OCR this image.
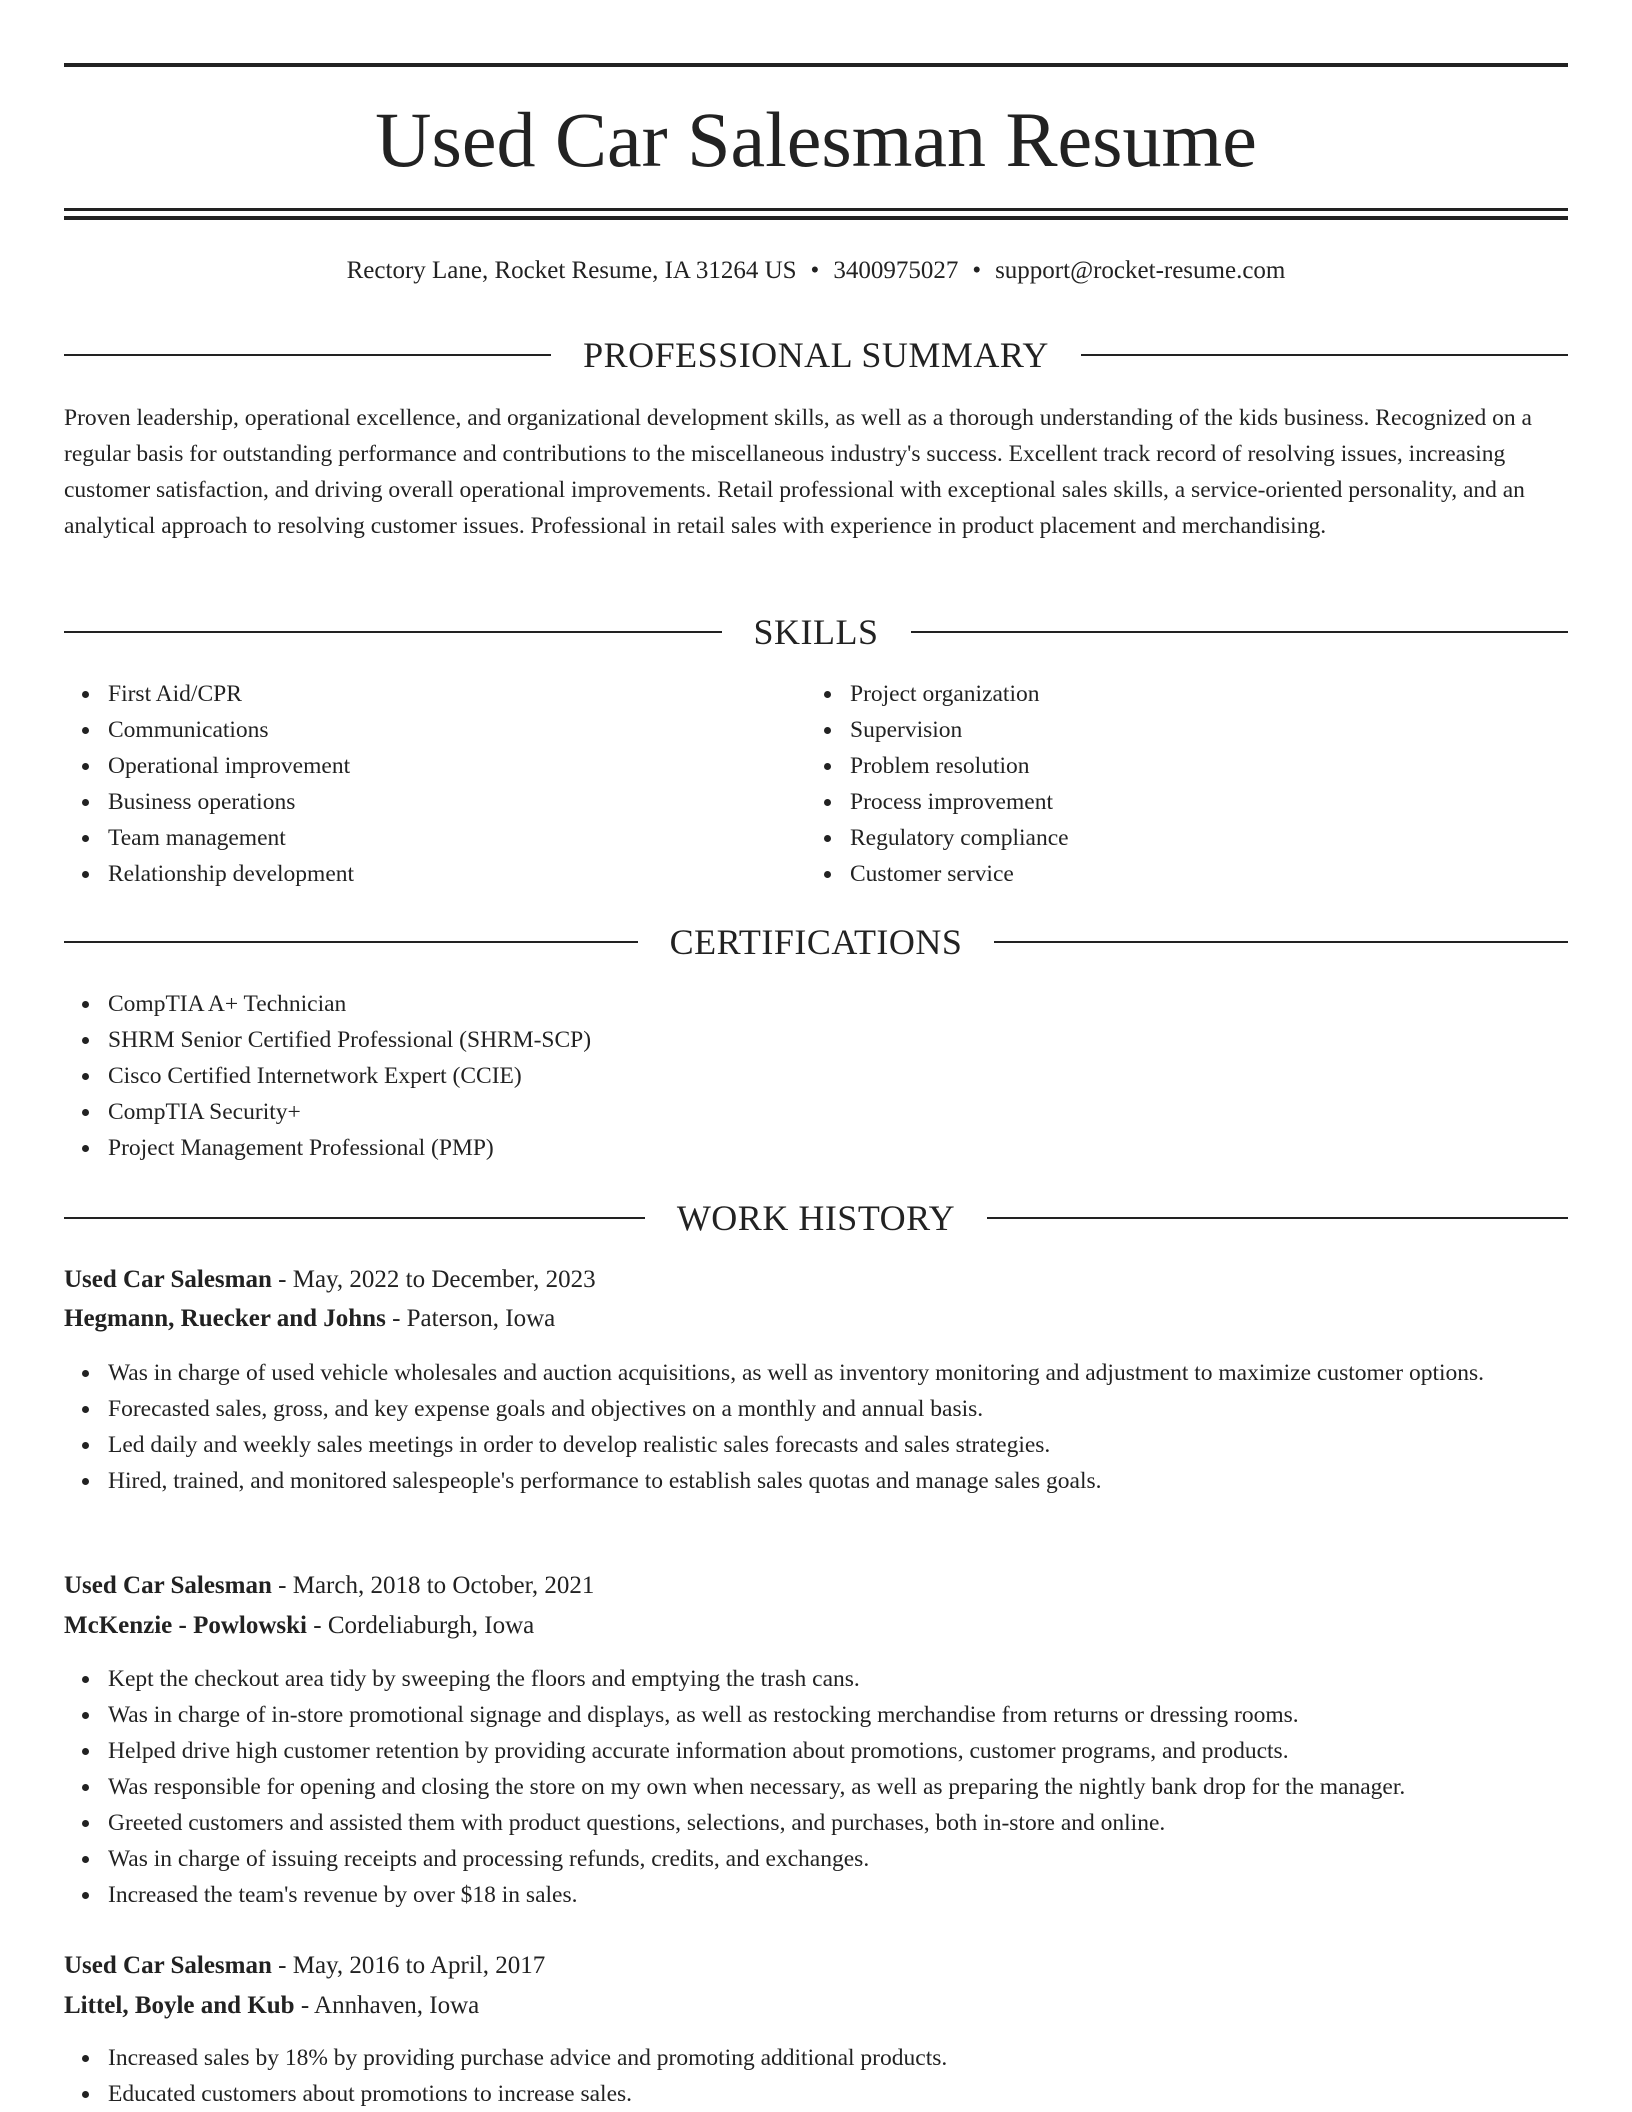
Used Car Salesman Resume
Rectory Lane, Rocket Resume, IA 31264 US • 3400975027 • support@rocket-resume.com
PROFESSIONAL SUMMARY

Proven leadership, operational excellence, and organizational development skills, as well as a thorough understanding of the kids business. Recognized on a regular basis for outstanding performance and contributions to the miscellaneous industry's success. Excellent track record of resolving issues, increasing customer satisfaction, and driving overall operational improvements. Retail professional with exceptional sales skills, a service-oriented personality, and an analytical approach to resolving customer issues. Professional in retail sales with experience in product placement and merchandising.

SKILLS
First Aid/CPR
Communications
Operational improvement
Business operations
Team management
Relationship development
Project organization
Supervision
Problem resolution
Process improvement
Regulatory compliance
Customer service
CERTIFICATIONS
CompTIA A+ Technician
SHRM Senior Certified Professional (SHRM-SCP)
Cisco Certified Internetwork Expert (CCIE)
CompTIA Security+
Project Management Professional (PMP)
WORK HISTORY
Used Car Salesman - May, 2022 to December, 2023
Hegmann, Ruecker and Johns - Paterson, Iowa
Was in charge of used vehicle wholesales and auction acquisitions, as well as inventory monitoring and adjustment to maximize customer options.
Forecasted sales, gross, and key expense goals and objectives on a monthly and annual basis.
Led daily and weekly sales meetings in order to develop realistic sales forecasts and sales strategies.
Hired, trained, and monitored salespeople's performance to establish sales quotas and manage sales goals.
Used Car Salesman - March, 2018 to October, 2021
McKenzie - Powlowski - Cordeliaburgh, Iowa
Kept the checkout area tidy by sweeping the floors and emptying the trash cans.
Was in charge of in-store promotional signage and displays, as well as restocking merchandise from returns or dressing rooms.
Helped drive high customer retention by providing accurate information about promotions, customer programs, and products.
Was responsible for opening and closing the store on my own when necessary, as well as preparing the nightly bank drop for the manager.
Greeted customers and assisted them with product questions, selections, and purchases, both in-store and online.
Was in charge of issuing receipts and processing refunds, credits, and exchanges.
Increased the team's revenue by over $18 in sales.
Used Car Salesman - May, 2016 to April, 2017
Littel, Boyle and Kub - Annhaven, Iowa
Increased sales by 18% by providing purchase advice and promoting additional products.
Educated customers about promotions to increase sales.
